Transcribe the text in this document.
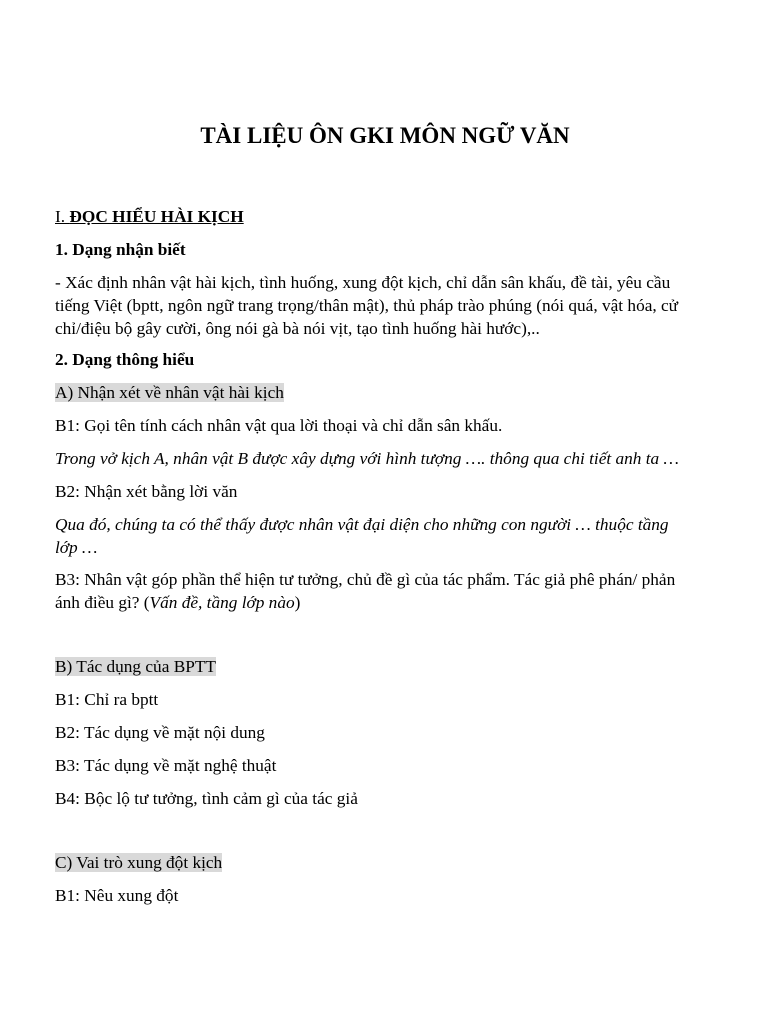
TÀI LIỆU ÔN GKI MÔN NGỮ VĂN
I. ĐỌC HIỂU HÀI KỊCH
1. Dạng nhận biết
- Xác định nhân vật hài kịch, tình huống, xung đột kịch, chỉ dẫn sân khấu, đề tài, yêu cầu
tiếng Việt (bptt, ngôn ngữ trang trọng/thân mật), thủ pháp trào phúng (nói quá, vật hóa, cử
chỉ/điệu bộ gây cười, ông nói gà bà nói vịt, tạo tình huống hài hước),..
2. Dạng thông hiểu
A) Nhận xét về nhân vật hài kịch
B1: Gọi tên tính cách nhân vật qua lời thoại và chỉ dẫn sân khấu.
Trong vở kịch A, nhân vật B được xây dựng với hình tượng …. thông qua chi tiết anh ta …
B2: Nhận xét bằng lời văn
Qua đó, chúng ta có thể thấy được nhân vật đại diện cho những con người … thuộc tầng
lớp …
B3: Nhân vật góp phần thể hiện tư tưởng, chủ đề gì của tác phẩm. Tác giả phê phán/ phản
ánh điều gì? (Vấn đề, tầng lớp nào)
B) Tác dụng của BPTT
B1: Chỉ ra bptt
B2: Tác dụng về mặt nội dung
B3: Tác dụng về mặt nghệ thuật
B4: Bộc lộ tư tưởng, tình cảm gì của tác giả
C) Vai trò xung đột kịch
B1: Nêu xung đột
